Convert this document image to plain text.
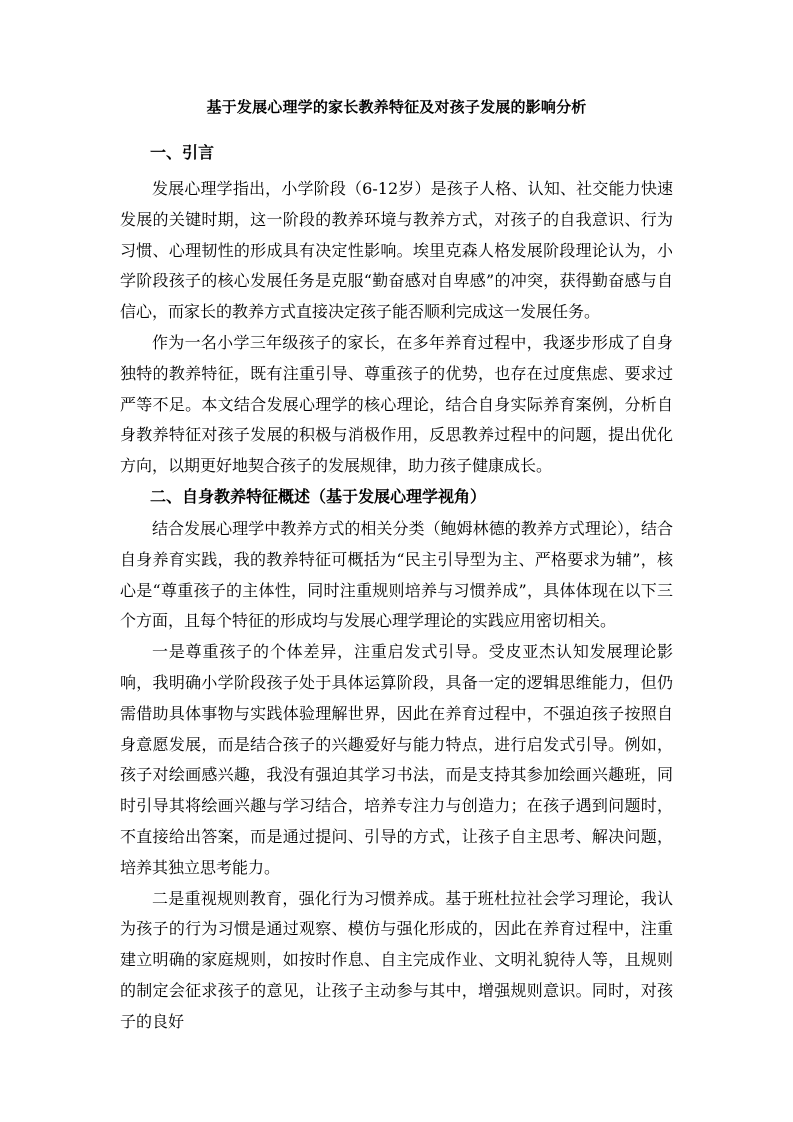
基于发展心理学的家长教养特征及对孩子发展的影响分析
一、引言

发展心理学指出，小学阶段（6-12岁）是孩子人格、认知、社交能力快速发展的关键时期，这一阶段的教养环境与教养方式，对孩子的自我意识、行为习惯、心理韧性的形成具有决定性影响。埃里克森人格发展阶段理论认为，小学阶段孩子的核心发展任务是克服“勤奋感对自卑感”的冲突，获得勤奋感与自信心，而家长的教养方式直接决定孩子能否顺利完成这一发展任务。

作为一名小学三年级孩子的家长，在多年养育过程中，我逐步形成了自身独特的教养特征，既有注重引导、尊重孩子的优势，也存在过度焦虑、要求过严等不足。本文结合发展心理学的核心理论，结合自身实际养育案例，分析自身教养特征对孩子发展的积极与消极作用，反思教养过程中的问题，提出优化方向，以期更好地契合孩子的发展规律，助力孩子健康成长。

二、自身教养特征概述（基于发展心理学视角）

结合发展心理学中教养方式的相关分类（鲍姆林德的教养方式理论），结合自身养育实践，我的教养特征可概括为“民主引导型为主、严格要求为辅”，核心是“尊重孩子的主体性，同时注重规则培养与习惯养成”，具体体现在以下三个方面，且每个特征的形成均与发展心理学理论的实践应用密切相关。

一是尊重孩子的个体差异，注重启发式引导。受皮亚杰认知发展理论影响，我明确小学阶段孩子处于具体运算阶段，具备一定的逻辑思维能力，但仍需借助具体事物与实践体验理解世界，因此在养育过程中，不强迫孩子按照自身意愿发展，而是结合孩子的兴趣爱好与能力特点，进行启发式引导。例如，孩子对绘画感兴趣，我没有强迫其学习书法，而是支持其参加绘画兴趣班，同时引导其将绘画兴趣与学习结合，培养专注力与创造力；在孩子遇到问题时，不直接给出答案，而是通过提问、引导的方式，让孩子自主思考、解决问题，培养其独立思考能力。

二是重视规则教育，强化行为习惯养成。基于班杜拉社会学习理论，我认为孩子的行为习惯是通过观察、模仿与强化形成的，因此在养育过程中，注重建立明确的家庭规则，如按时作息、自主完成作业、文明礼貌待人等，且规则的制定会征求孩子的意见，让孩子主动参与其中，增强规则意识。同时，对孩子的良好
